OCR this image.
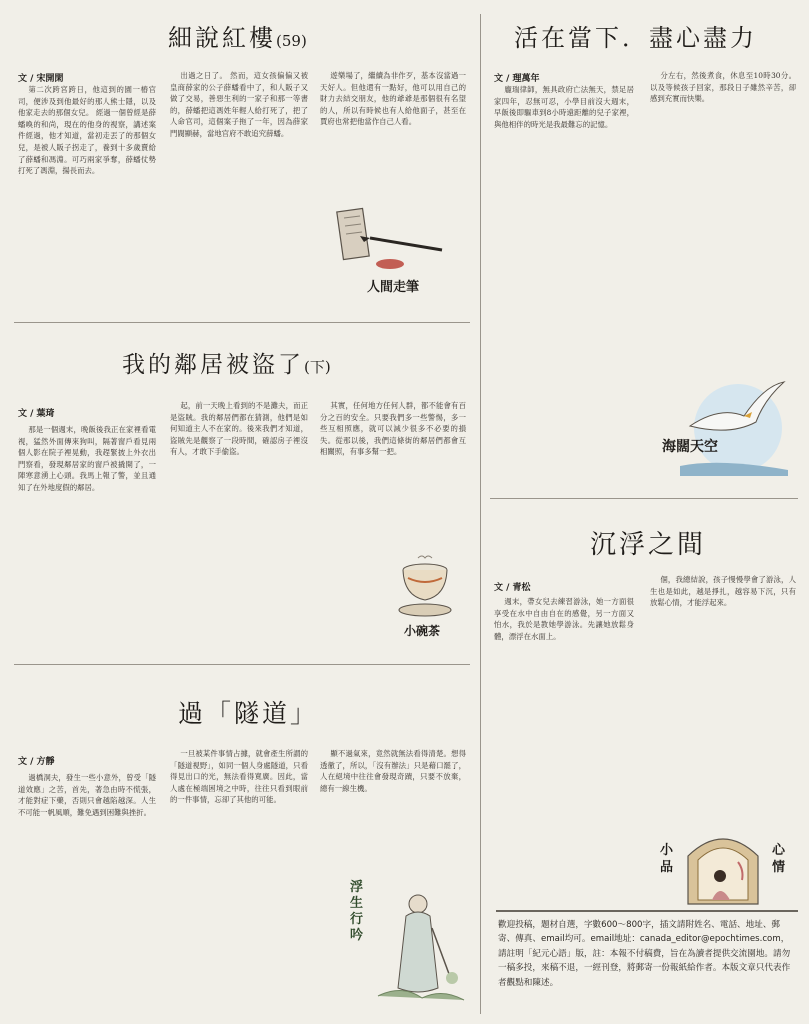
細說紅樓(59)
文 / 宋開閑

第二次跨宮跨日，他這到的園一樁官司，便涉及到他最好的那人熊士隱，以及他家走去的那個女兒。 經過一個曾經是薛蟠喚的和尚，現在的他身的視察，講述案件經過，他才知道，當初走丟了的那個女兒，是被人販子拐走了，養到十多歲賣給了薛蟠和馮淵。可巧兩家爭奪，薛蟠仗勢打死了馮淵，揚長而去。

出過之日了。 然而，這女孩偏偏又被皇商薛家的公子薛蟠看中了，和人販子又做了交易，善惡生利的一家子和那一等書的，薛蟠把這馮姓年輕人給打死了，把了人命官司，這個案子拖了一年，因為薛家門閥顯赫，當地官府不敢追究薛蟠。

遊樂場了，繼續為非作歹，基本沒當過一天好人。但他還有一點好，他可以用自己的財力去結交朋友，他的爺爺是那個很有名望的人，所以有時候也有人給他面子，甚至在賈府也常把他當作自己人看。

人間走筆
我的鄰居被盜了(下)
文 / 葉琦

那是一個週末，晚飯後我正在家裡看電視，猛然外面傳來狗叫，隔著窗戶看見兩個人影在院子裡晃動，我趕緊披上外衣出門察看，發現鄰居家的窗戶被撬開了，一陣寒意湧上心頭。我馬上報了警，並且通知了在外地度假的鄰居。

起，前一天晚上看到的不是灘夫，而正是盜賊。我的鄰居們都在猜測，他們是如何知道主人不在家的。後來我們才知道，盜賊先是觀察了一段時間，確認房子裡沒有人，才敢下手偷盜。

其實，任何地方任何人群，都不能會有百分之百的安全。只要我們多一些警惕，多一些互相照應，就可以減少很多不必要的損失。從那以後，我們這條街的鄰居們都會互相關照，有事多幫一把。

小碗茶
過「隧道」
文 / 方靜

過橋洞夫，發生一些小意外，曾受「隧道效應」之苦，首先，著急由時不慌張，才能對症下藥，否則只會越陷越深。人生不可能一帆風順，難免遇到困難與挫折。

一旦被某件事情占據，就會產生所謂的「隧道視野」，如同一個人身處隧道，只看得見出口的光，無法看得寬廣。因此，當人處在極端困境之中時，往往只看到眼前的一件事情，忘卻了其他的可能。

顯不過氣來，竟然就無法看得清楚。想得透徹了，所以，「沒有辦法」只是藉口罷了，人在絕境中往往會發現奇蹟，只要不放棄，總有一線生機。

浮生行吟
活在當下．盡心盡力
文 / 理萬年

龐瑞律師，無具政府亡法無天，禁足居家四年，忍無可忍，小學目前沒大週末，早飯後即驅車到8小時遠距離的兒子家裡，與他相伴的時光是我最難忘的記憶。

分左右，然後煮食，休息至10時30分。以及等候孩子回家，那段日子雖然辛苦，卻感到充實而快樂。

海闊天空
沉浮之間
文 / 青松

週末，帶女兒去練習游泳，她一方面很享受在水中自由自在的感覺，另一方面又怕水，我於是教她學游泳。先讓她放鬆身體，漂浮在水面上。

個，我總結說，孩子慢慢學會了游泳，人生也是如此，越是掙扎，越容易下沉，只有放鬆心情，才能浮起來。

小品
心情
歡迎投稿，題材自選，字數600～800字，插文請附姓名、電話、地址、郵寄、傳真、email均可。email地址：canada_editor@epochtimes.com，請註明「紀元心語」版，註：本報不付稿費，旨在為讀者提供交流園地。請勿一稿多投，來稿不退，一經刊登，將郵寄一份報紙給作者。本版文章只代表作者觀點和陳述。
